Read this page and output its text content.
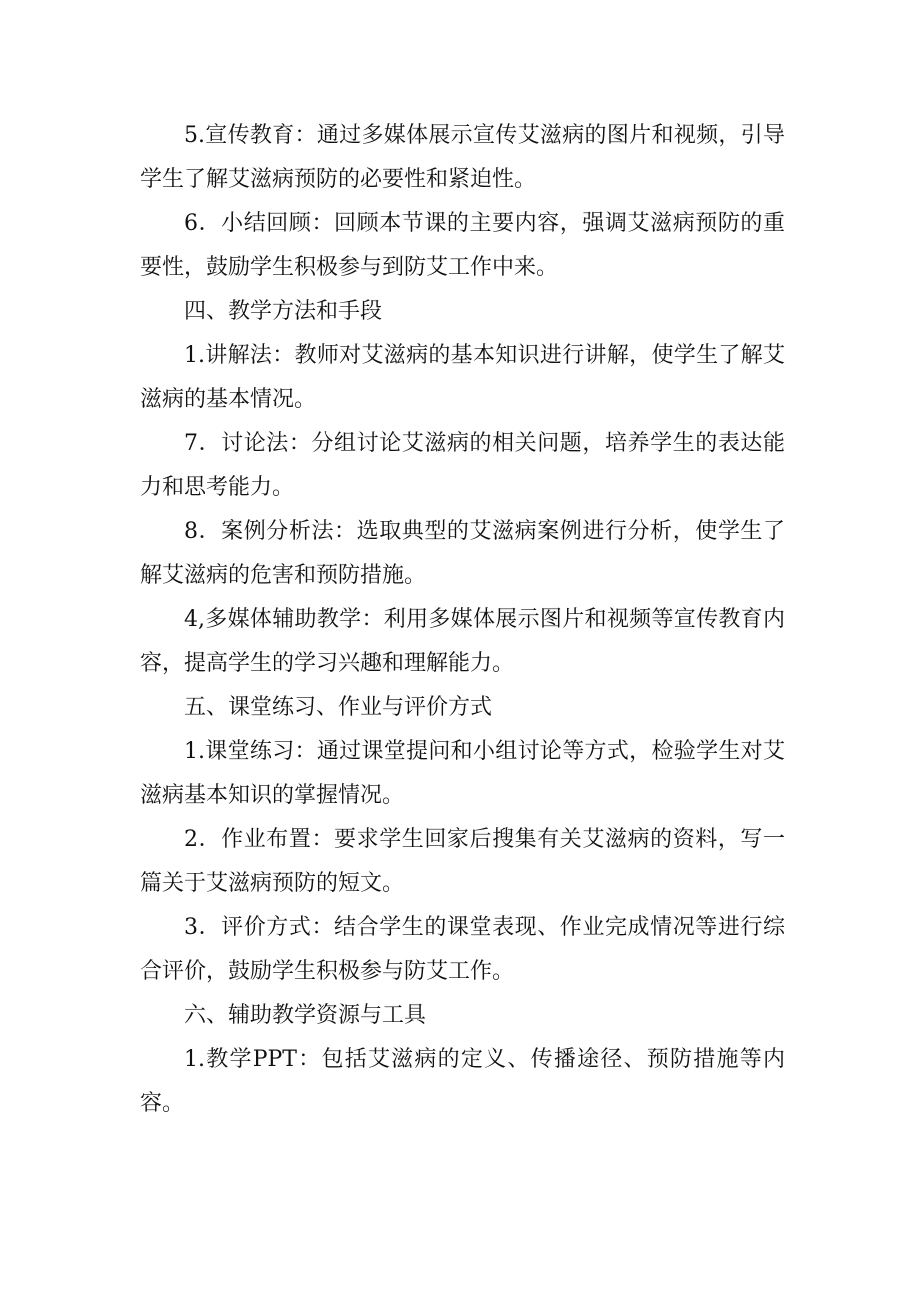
5.宣传教育：通过多媒体展示宣传艾滋病的图片和视频，引导学生了解艾滋病预防的必要性和紧迫性。

6．小结回顾：回顾本节课的主要内容，强调艾滋病预防的重要性，鼓励学生积极参与到防艾工作中来。

四、教学方法和手段

1.讲解法：教师对艾滋病的基本知识进行讲解，使学生了解艾滋病的基本情况。

7．讨论法：分组讨论艾滋病的相关问题，培养学生的表达能力和思考能力。

8．案例分析法：选取典型的艾滋病案例进行分析，使学生了解艾滋病的危害和预防措施。

4,多媒体辅助教学：利用多媒体展示图片和视频等宣传教育内容，提高学生的学习兴趣和理解能力。

五、课堂练习、作业与评价方式

1.课堂练习：通过课堂提问和小组讨论等方式，检验学生对艾滋病基本知识的掌握情况。

2．作业布置：要求学生回家后搜集有关艾滋病的资料，写一篇关于艾滋病预防的短文。

3．评价方式：结合学生的课堂表现、作业完成情况等进行综合评价，鼓励学生积极参与防艾工作。

六、辅助教学资源与工具

1.教学PPT：包括艾滋病的定义、传播途径、预防措施等内容。
